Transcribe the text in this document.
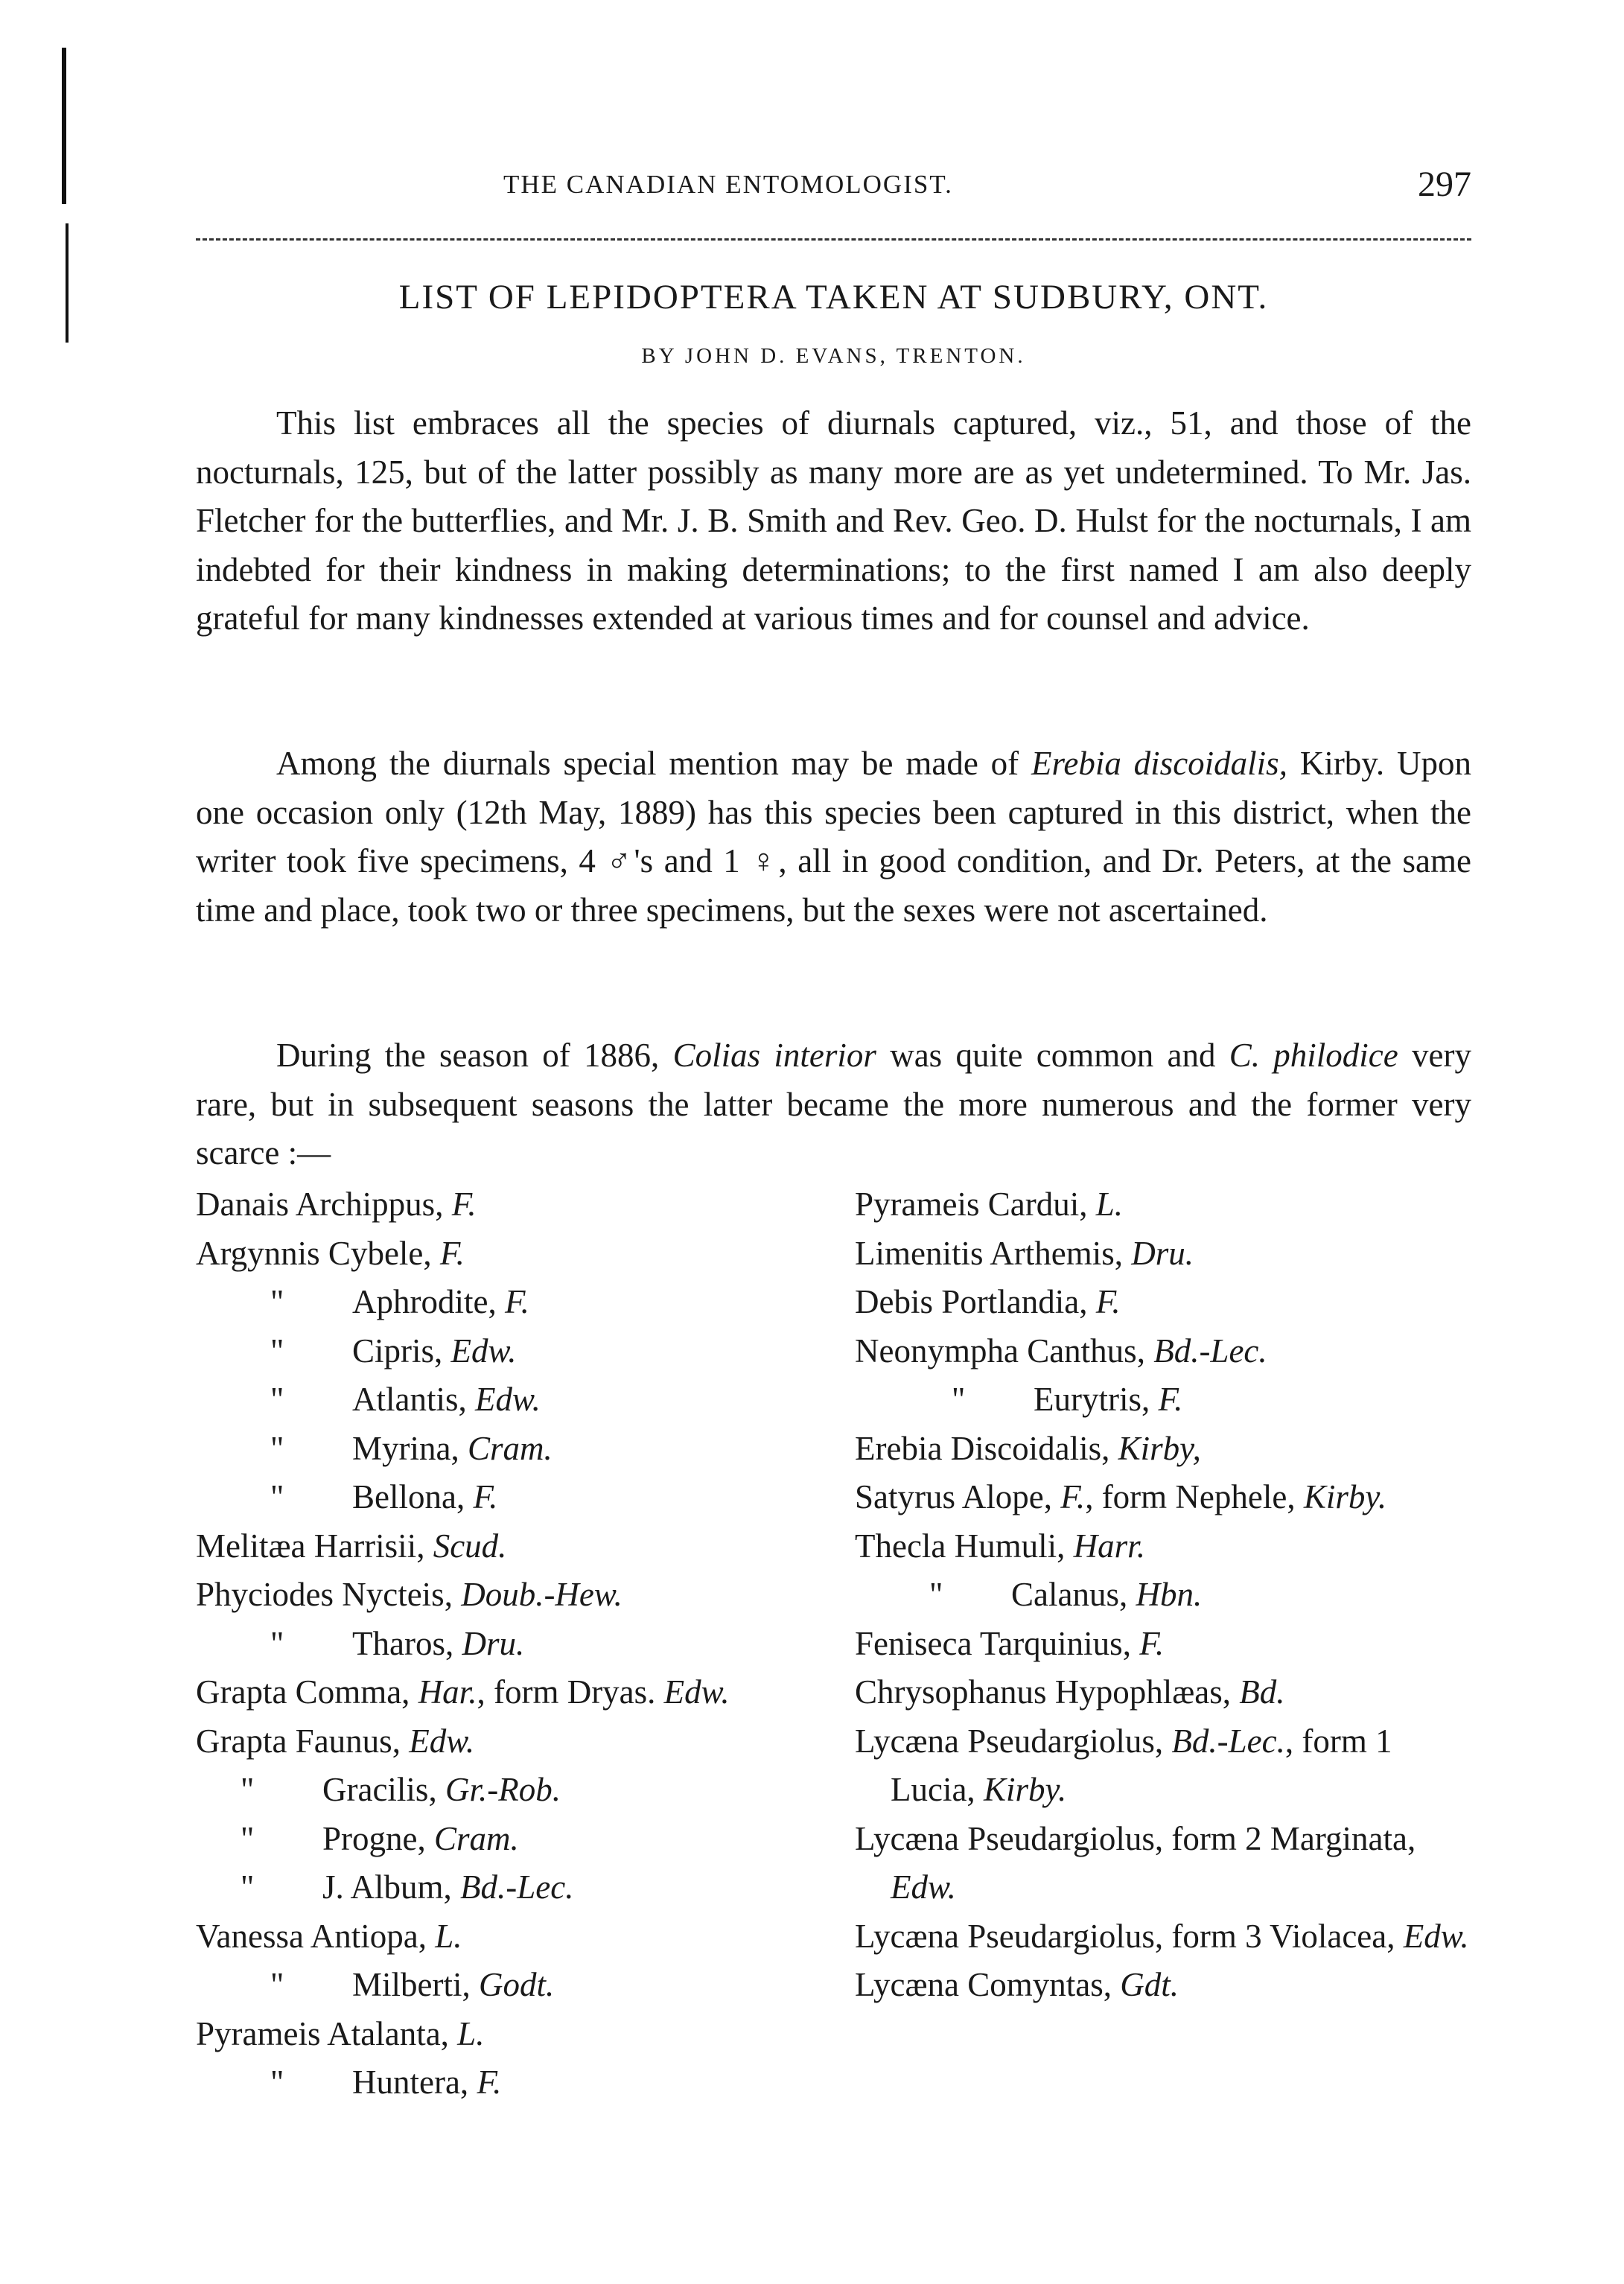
THE CANADIAN ENTOMOLOGIST.	297
LIST OF LEPIDOPTERA TAKEN AT SUDBURY, ONT.
BY JOHN D. EVANS, TRENTON.

This list embraces all the species of diurnals captured, viz., 51, and those of the nocturnals, 125, but of the latter possibly as many more are as yet undetermined. To Mr. Jas. Fletcher for the butterflies, and Mr. J. B. Smith and Rev. Geo. D. Hulst for the nocturnals, I am indebted for their kindness in making determinations; to the first named I am also deeply grateful for many kindnesses extended at various times and for counsel and advice.

Among the diurnals special mention may be made of Erebia discoidalis, Kirby. Upon one occasion only (12th May, 1889) has this species been captured in this district, when the writer took five specimens, 4 ♂'s and 1 ♀, all in good condition, and Dr. Peters, at the same time and place, took two or three specimens, but the sexes were not ascertained.

During the season of 1886, Colias interior was quite common and C. philodice very rare, but in subsequent seasons the latter became the more numerous and the former very scarce :—

Danais Archippus, F.
Argynnis Cybele, F.
" Aphrodite, F.
" Cipris, Edw.
" Atlantis, Edw.
" Myrina, Cram.
" Bellona, F.
Melitæa Harrisii, Scud.
Phyciodes Nycteis, Doub.-Hew.
" Tharos, Dru.
Grapta Comma, Har., form Dryas. Edw.
Grapta Faunus, Edw.
" Gracilis, Gr.-Rob.
" Progne, Cram.
" J. Album, Bd.-Lec.
Vanessa Antiopa, L.
" Milberti, Godt.
Pyrameis Atalanta, L.
" Huntera, F.
Pyrameis Cardui, L.
Limenitis Arthemis, Dru.
Debis Portlandia, F.
Neonympha Canthus, Bd.-Lec.
" Eurytris, F.
Erebia Discoidalis, Kirby,
Satyrus Alope, F., form Nephele, Kirby.
Thecla Humuli, Harr.
" Calanus, Hbn.
Feniseca Tarquinius, F.
Chrysophanus Hypophlæas, Bd.
Lycæna Pseudargiolus, Bd.-Lec., form 1 Lucia, Kirby.
Lycæna Pseudargiolus, form 2 Marginata, Edw.
Lycæna Pseudargiolus, form 3 Violacea, Edw.
Lycæna Comyntas, Gdt.
